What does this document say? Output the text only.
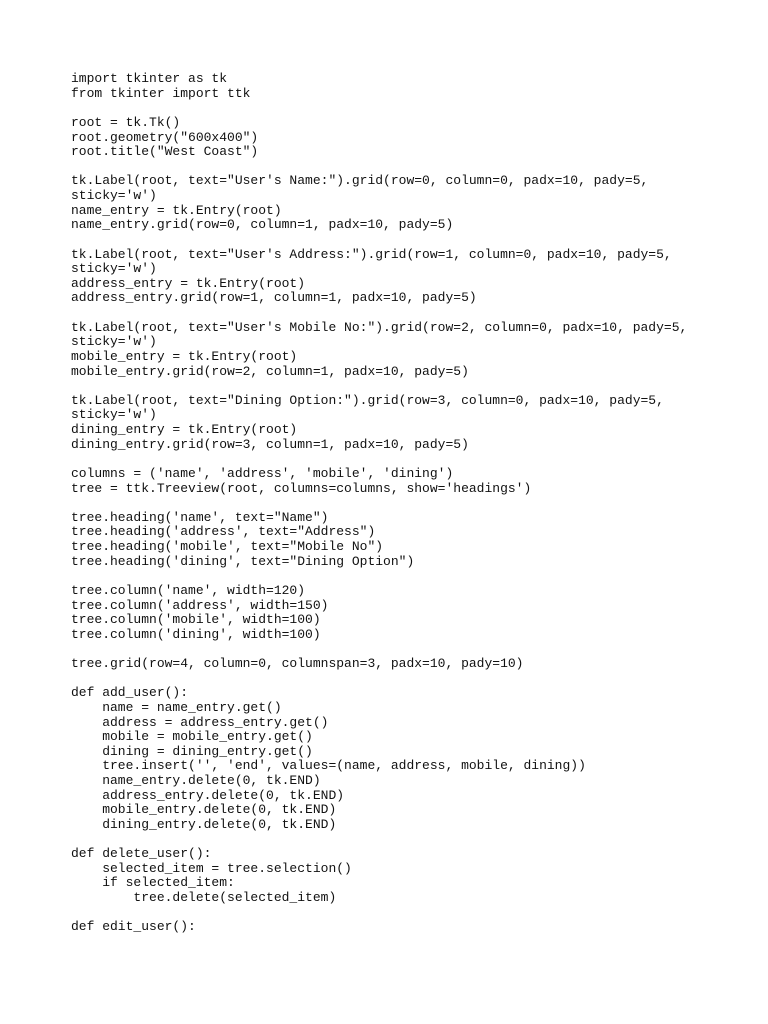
import tkinter as tk
from tkinter import ttk
root = tk.Tk()
root.geometry("600x400")
root.title("West Coast")
tk.Label(root, text="User's Name:").grid(row=0, column=0, padx=10, pady=5,
sticky='w')
name_entry = tk.Entry(root)
name_entry.grid(row=0, column=1, padx=10, pady=5)
tk.Label(root, text="User's Address:").grid(row=1, column=0, padx=10, pady=5,
sticky='w')
address_entry = tk.Entry(root)
address_entry.grid(row=1, column=1, padx=10, pady=5)
tk.Label(root, text="User's Mobile No:").grid(row=2, column=0, padx=10, pady=5,
sticky='w')
mobile_entry = tk.Entry(root)
mobile_entry.grid(row=2, column=1, padx=10, pady=5)
tk.Label(root, text="Dining Option:").grid(row=3, column=0, padx=10, pady=5,
sticky='w')
dining_entry = tk.Entry(root)
dining_entry.grid(row=3, column=1, padx=10, pady=5)
columns = ('name', 'address', 'mobile', 'dining')
tree = ttk.Treeview(root, columns=columns, show='headings')
tree.heading('name', text="Name")
tree.heading('address', text="Address")
tree.heading('mobile', text="Mobile No")
tree.heading('dining', text="Dining Option")
tree.column('name', width=120)
tree.column('address', width=150)
tree.column('mobile', width=100)
tree.column('dining', width=100)
tree.grid(row=4, column=0, columnspan=3, padx=10, pady=10)
def add_user():
name = name_entry.get()
address = address_entry.get()
mobile = mobile_entry.get()
dining = dining_entry.get()
tree.insert('', 'end', values=(name, address, mobile, dining))
name_entry.delete(0, tk.END)
address_entry.delete(0, tk.END)
mobile_entry.delete(0, tk.END)
dining_entry.delete(0, tk.END)
def delete_user():
selected_item = tree.selection()
if selected_item:
tree.delete(selected_item)
def edit_user():
